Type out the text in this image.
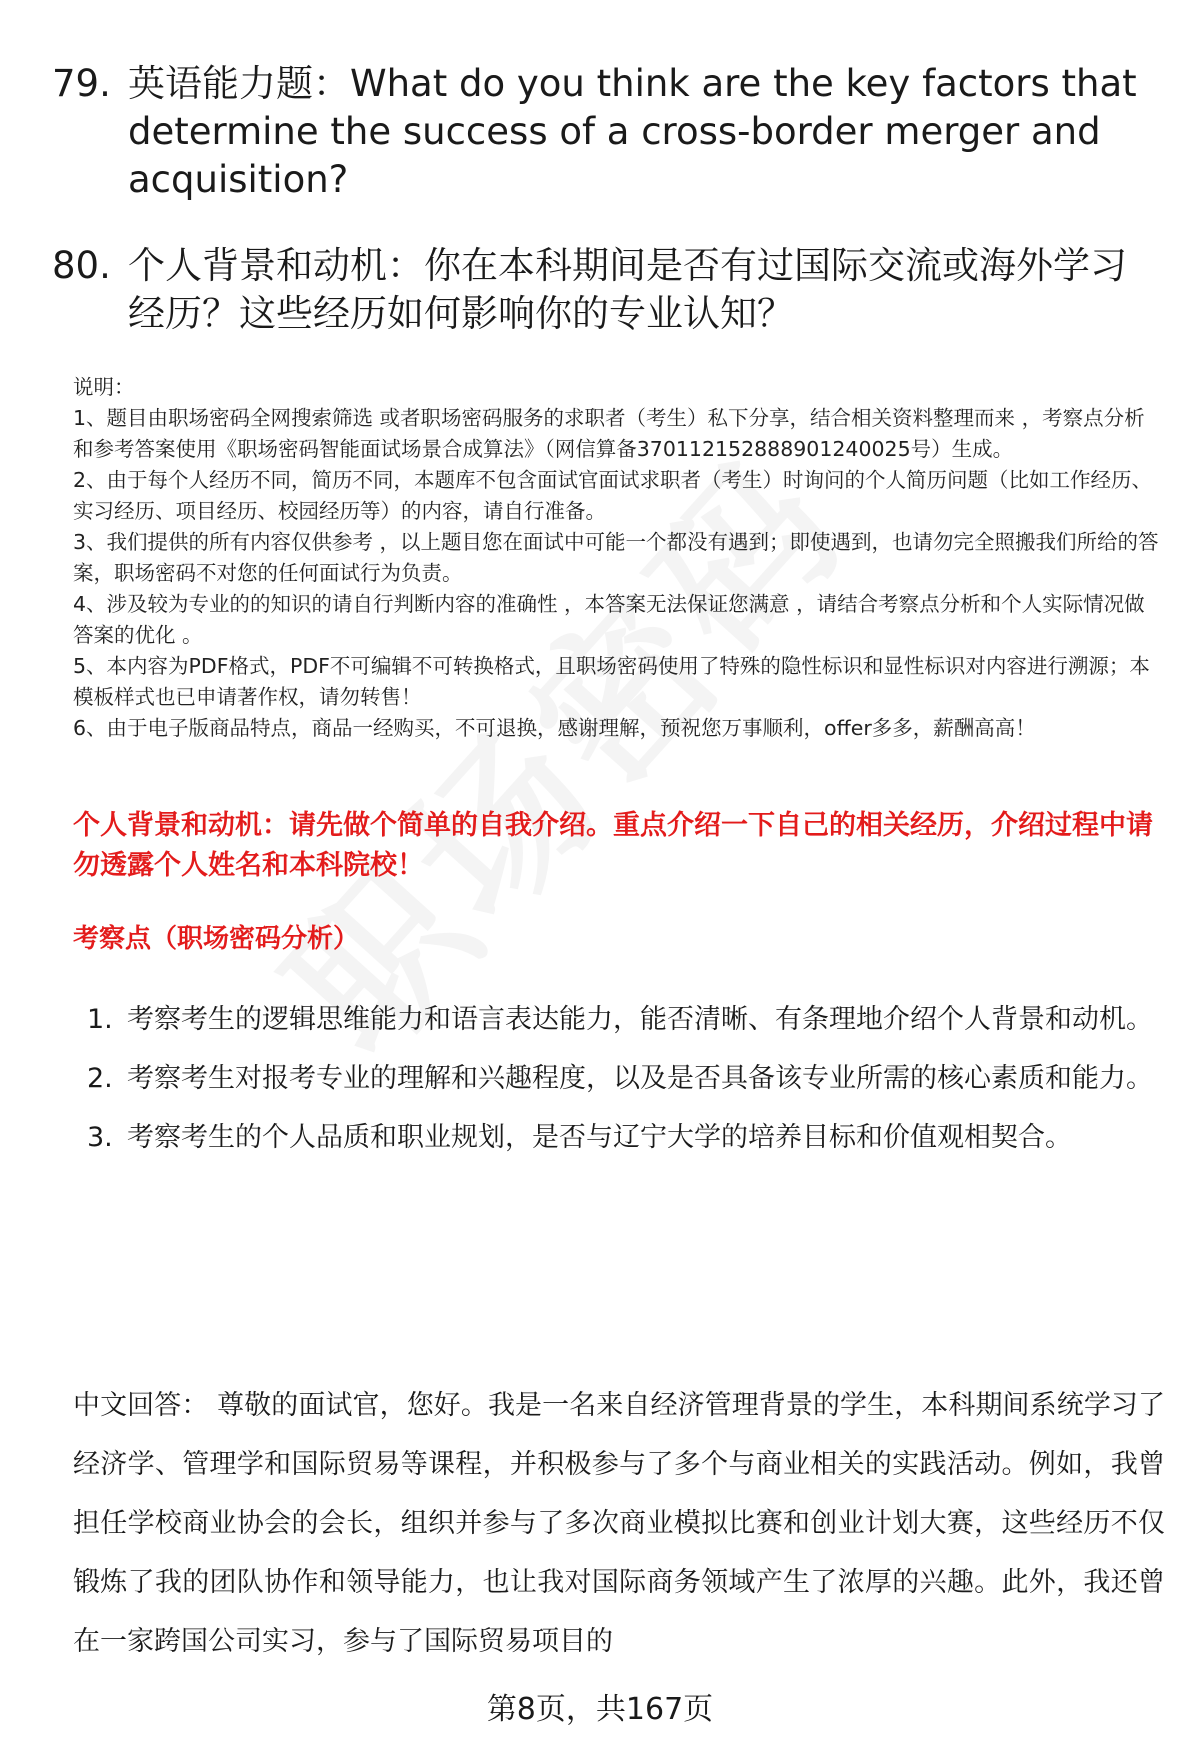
79. 英语能力题：What do you think are the key factors that determine the success of a cross-border merger and acquisition?
80. 个人背景和动机：你在本科期间是否有过国际交流或海外学习经历？这些经历如何影响你的专业认知？

说明：

1、题目由职场密码全网搜索筛选 或者职场密码服务的求职者（考生）私下分享，结合相关资料整理而来 ，考察点分析和参考答案使用《职场密码智能面试场景合成算法》（网信算备370112152888901240025号）生成。

2、由于每个人经历不同，简历不同，本题库不包含面试官面试求职者（考生）时询问的个人简历问题（比如工作经历、实习经历、项目经历、校园经历等）的内容，请自行准备。

3、我们提供的所有内容仅供参考 ，以上题目您在面试中可能一个都没有遇到；即使遇到，也请勿完全照搬我们所给的答案，职场密码不对您的任何面试行为负责。

4、涉及较为专业的的知识的请自行判断内容的准确性 ，本答案无法保证您满意 ，请结合考察点分析和个人实际情况做答案的优化 。

5、本内容为PDF格式，PDF不可编辑不可转换格式，且职场密码使用了特殊的隐性标识和显性标识对内容进行溯源；本模板样式也已申请著作权，请勿转售！

6、由于电子版商品特点，商品一经购买，不可退换，感谢理解，预祝您万事顺利，offer多多，薪酬高高！

个人背景和动机：请先做个简单的自我介绍。重点介绍一下自己的相关经历，介绍过程中请勿透露个人姓名和本科院校！
考察点（职场密码分析）
1. 考察考生的逻辑思维能力和语言表达能力，能否清晰、有条理地介绍个人背景和动机。
2. 考察考生对报考专业的理解和兴趣程度，以及是否具备该专业所需的核心素质和能力。
3. 考察考生的个人品质和职业规划，是否与辽宁大学的培养目标和价值观相契合。
中文回答： 尊敬的面试官，您好。我是一名来自经济管理背景的学生，本科期间系统学习了经济学、管理学和国际贸易等课程，并积极参与了多个与商业相关的实践活动。例如，我曾担任学校商业协会的会长，组织并参与了多次商业模拟比赛和创业计划大赛，这些经历不仅锻炼了我的团队协作和领导能力，也让我对国际商务领域产生了浓厚的兴趣。此外，我还曾在一家跨国公司实习，参与了国际贸易项目的
第8页，共167页
